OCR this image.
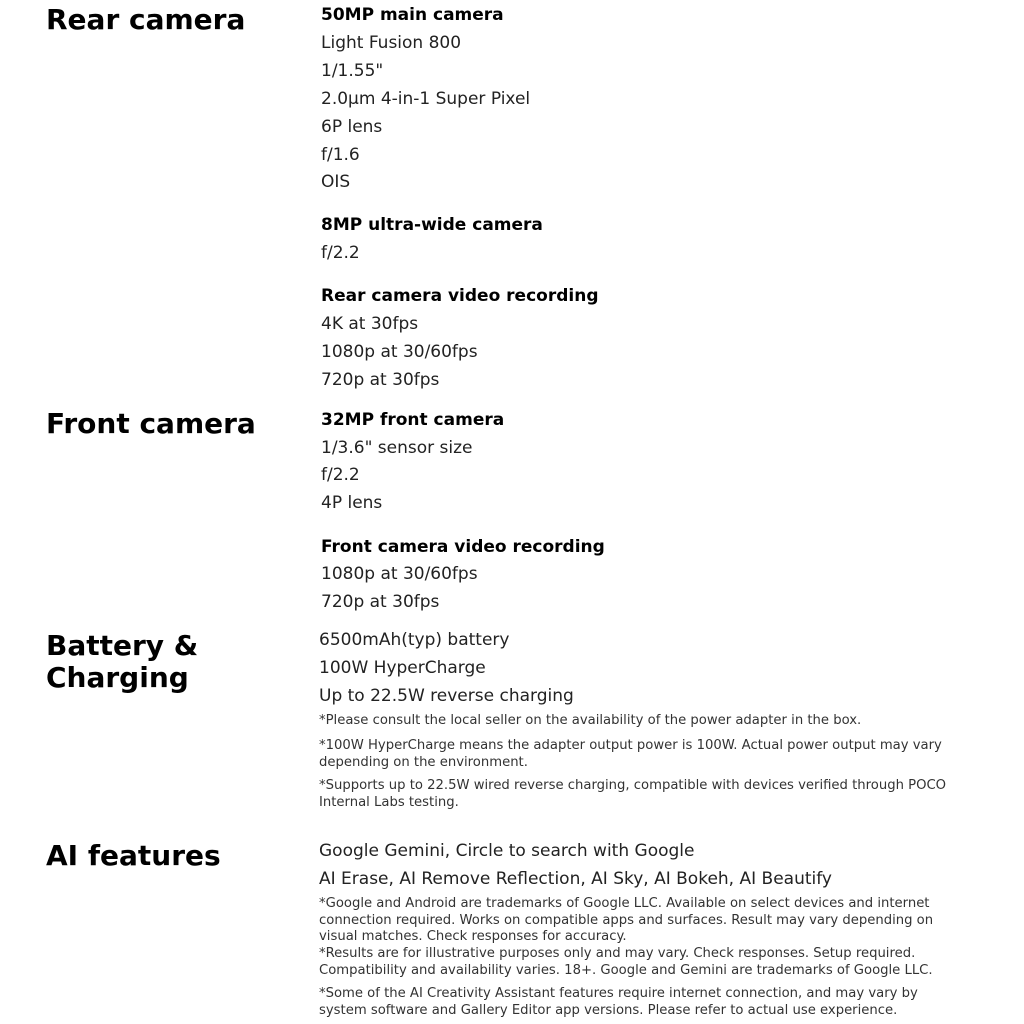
Rear camera	50MP main camera
Light Fusion 800
1/1.55"
2.0μm 4-in-1 Super Pixel
6P lens
f/1.6
OIS
8MP ultra-wide camera
f/2.2
Rear camera video recording
4K at 30fps
1080p at 30/60fps
720p at 30fps
Front camera	32MP front camera
1/3.6" sensor size
f/2.2
4P lens
Front camera video recording
1080p at 30/60fps
720p at 30fps
Battery & Charging
6500mAh(typ) battery
100W HyperCharge
Up to 22.5W reverse charging

*Please consult the local seller on the availability of the power adapter in the box.

*100W HyperCharge means the adapter output power is 100W. Actual power output may vary depending on the environment.

*Supports up to 22.5W wired reverse charging, compatible with devices verified through POCO Internal Labs testing.

AI features	Google Gemini, Circle to search with Google
AI Erase, AI Remove Reflection, AI Sky, AI Bokeh, AI Beautify

*Google and Android are trademarks of Google LLC. Available on select devices and internet connection required. Works on compatible apps and surfaces. Result may vary depending on visual matches. Check responses for accuracy.

*Results are for illustrative purposes only and may vary. Check responses. Setup required. Compatibility and availability varies. 18+. Google and Gemini are trademarks of Google LLC.

*Some of the AI Creativity Assistant features require internet connection, and may vary by system software and Gallery Editor app versions. Please refer to actual use experience.
